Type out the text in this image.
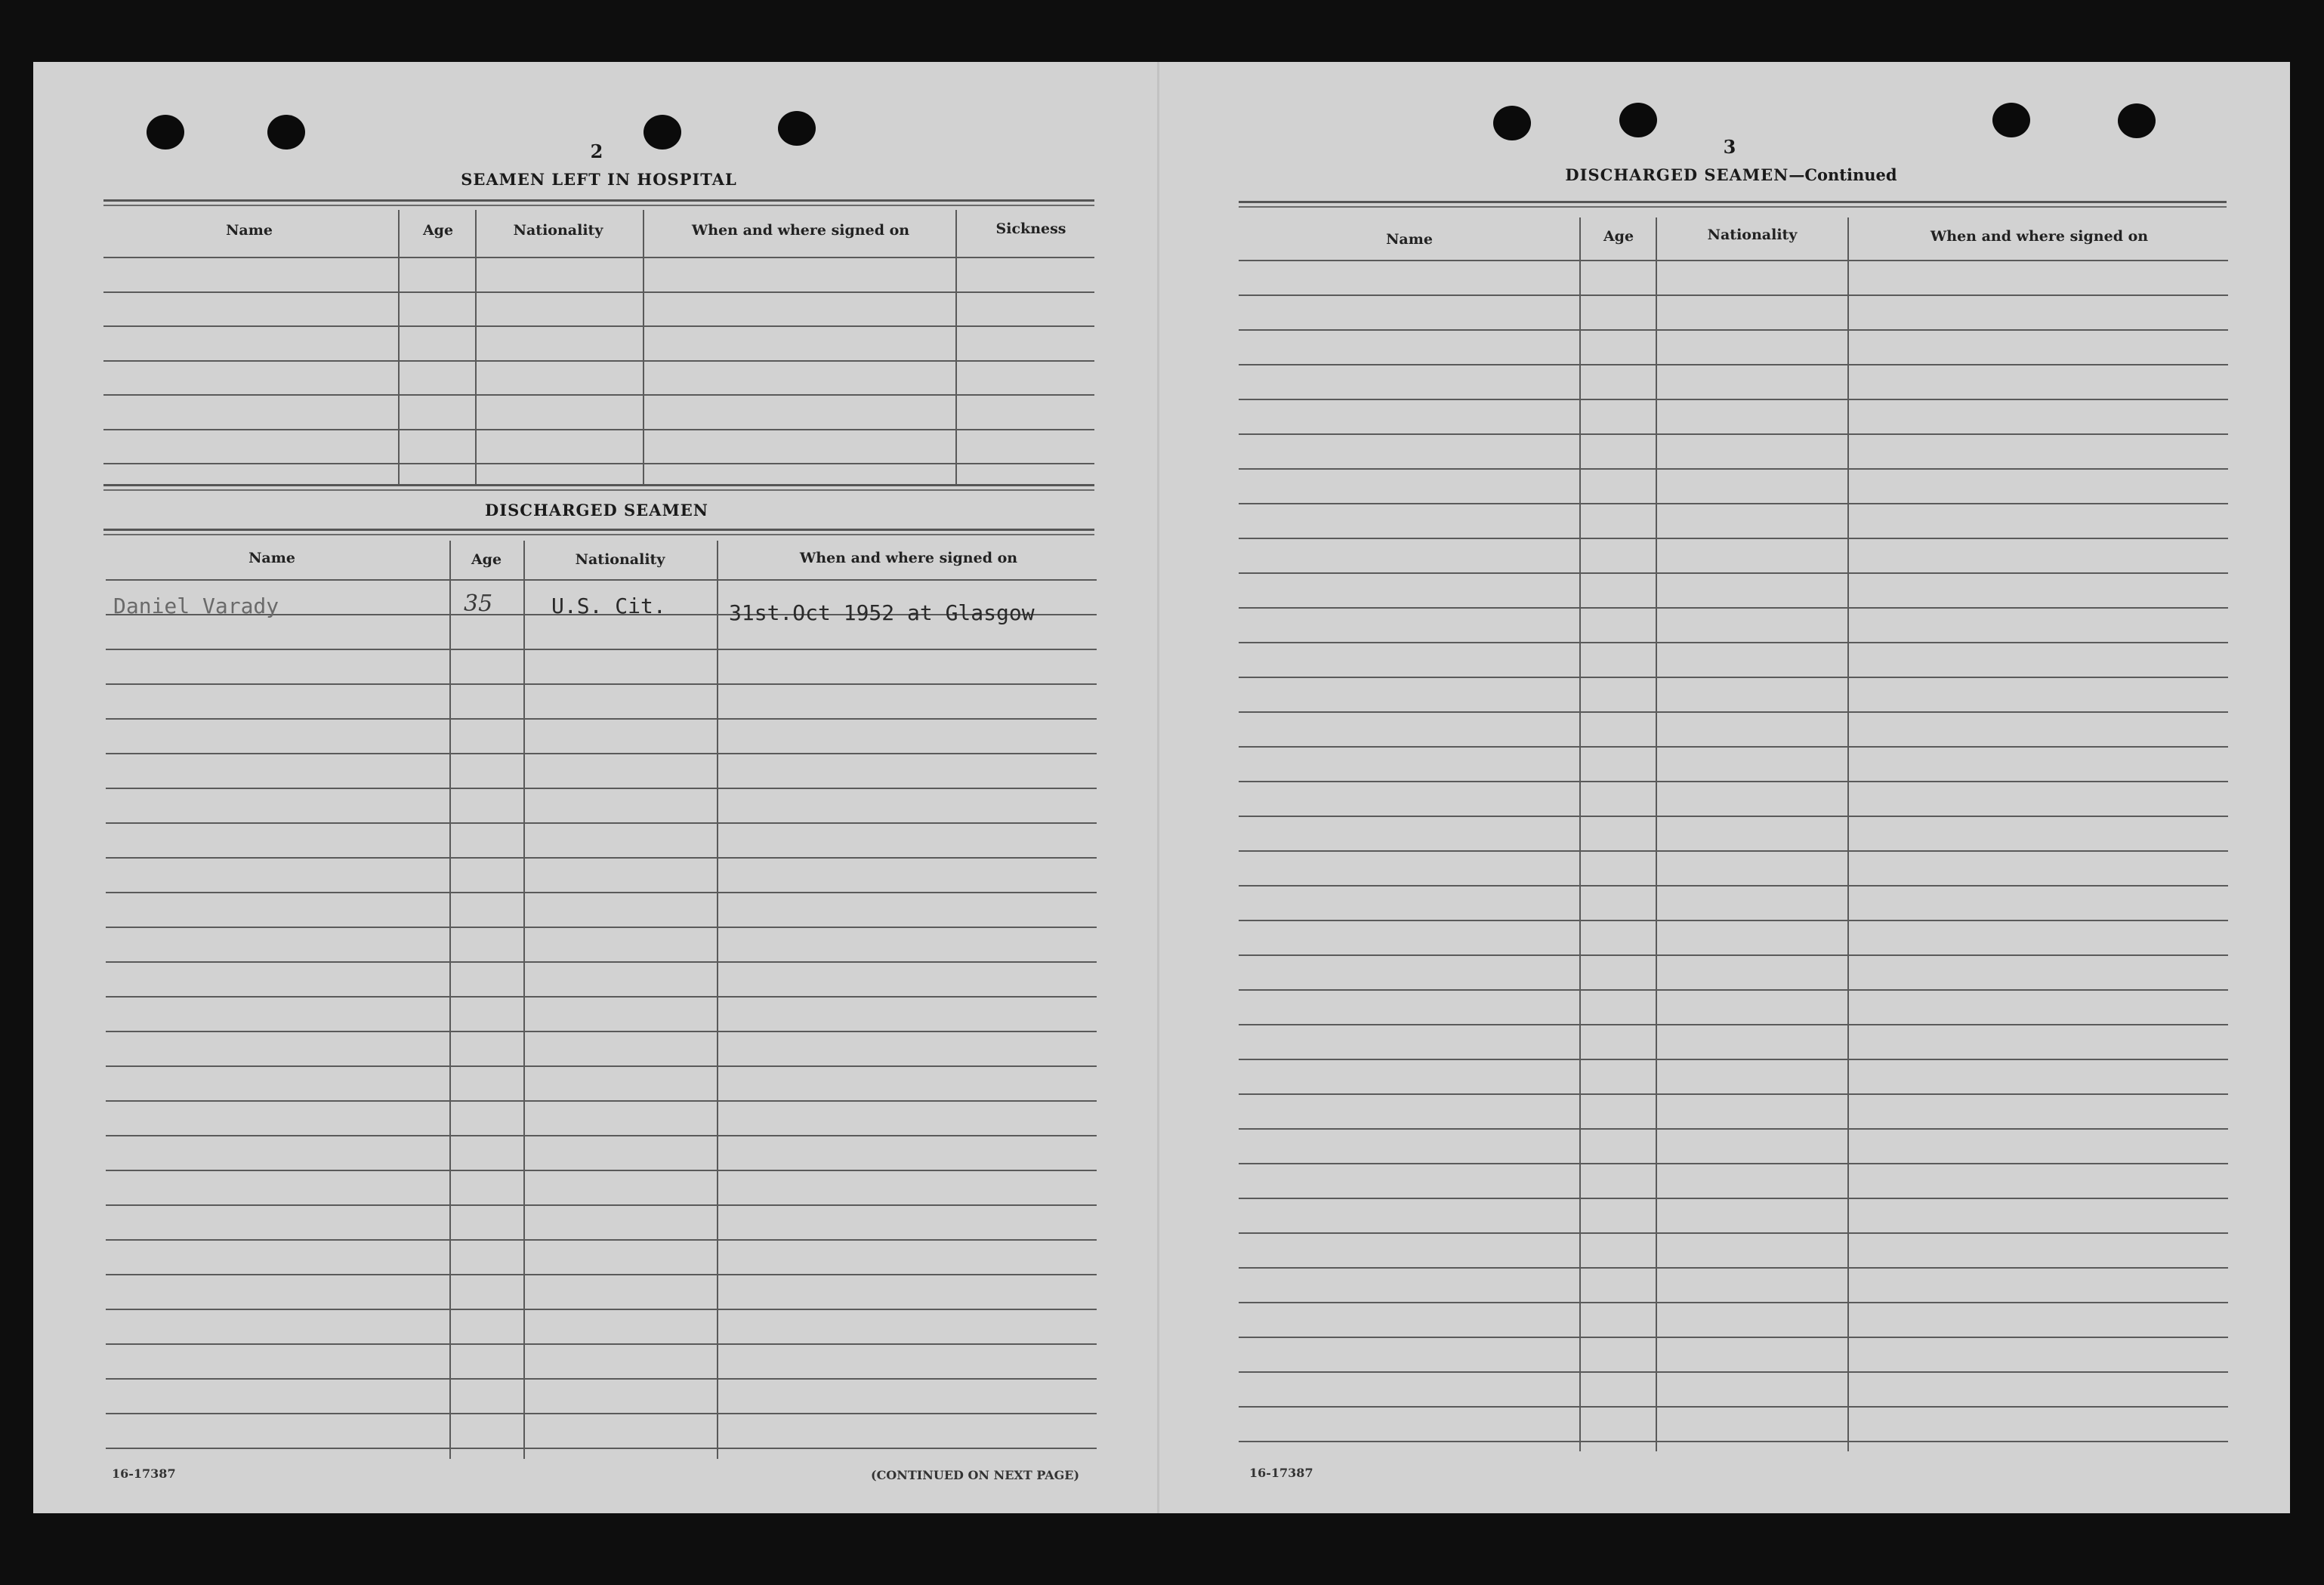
2
SEAMEN LEFT IN HOSPITAL
Name	Age	Nationality	When and where signed on	Sickness
DISCHARGED SEAMEN
Name	Age	Nationality	When and where signed on
Daniel Varady	35	U.S. Cit.	31st.Oct 1952 at Glasgow
16-17387	(CONTINUED ON NEXT PAGE)
3
DISCHARGED SEAMEN—Continued
Name	Age	Nationality	When and where signed on
16-17387
